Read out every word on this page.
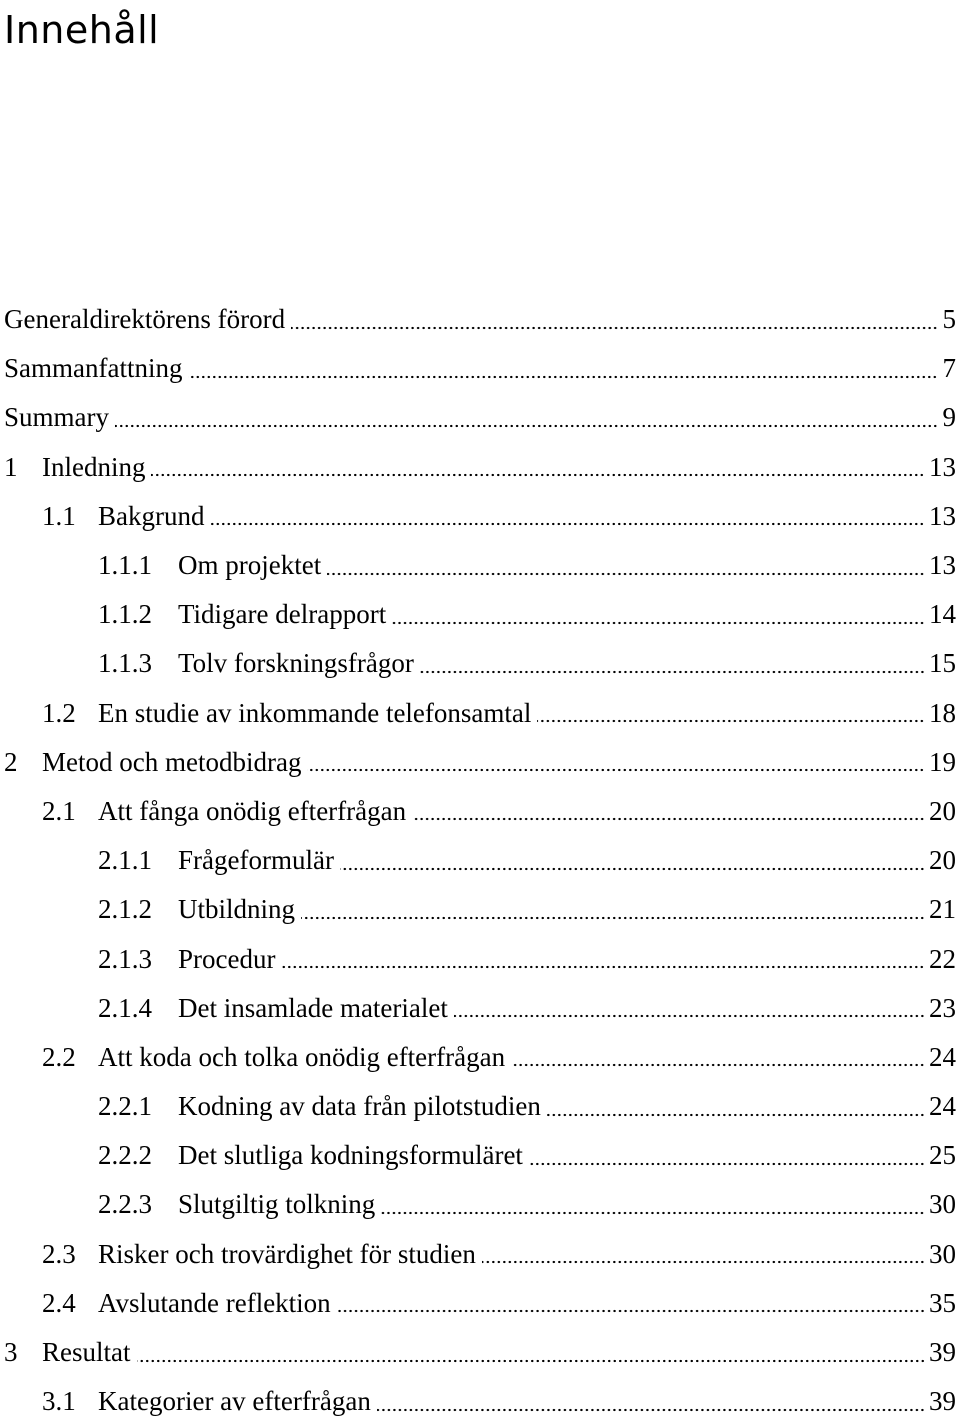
Innehåll
Generaldirektörens förord	5
Sammanfattning	7
Summary	9
1 Inledning	13
1.1 Bakgrund	13
1.1.1 Om projektet	13
1.1.2 Tidigare delrapport	14
1.1.3 Tolv forskningsfrågor	15
1.2 En studie av inkommande telefonsamtal	18
2 Metod och metodbidrag	19
2.1 Att fånga onödig efterfrågan	20
2.1.1 Frågeformulär	20
2.1.2 Utbildning	21
2.1.3 Procedur	22
2.1.4 Det insamlade materialet	23
2.2 Att koda och tolka onödig efterfrågan	24
2.2.1 Kodning av data från pilotstudien	24
2.2.2 Det slutliga kodningsformuläret	25
2.2.3 Slutgiltig tolkning	30
2.3 Risker och trovärdighet för studien	30
2.4 Avslutande reflektion	35
3 Resultat	39
3.1 Kategorier av efterfrågan	39
